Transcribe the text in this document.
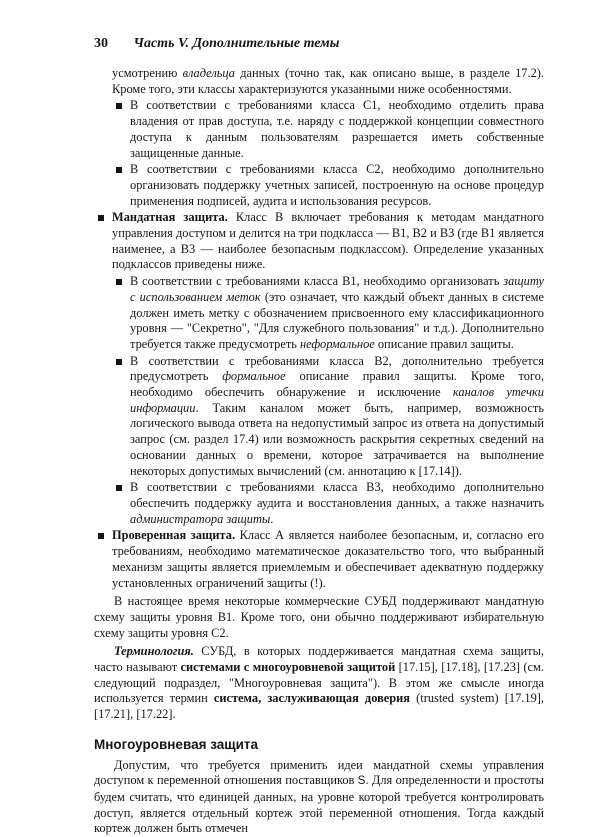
30 Часть V. Дополнительные темы

усмотрению владельца данных (точно так, как описано выше, в разделе 17.2). Кроме того, эти классы характеризуются указанными ниже особенностями.

В соответствии с требованиями класса С1, необходимо отделить права владения от прав доступа, т.е. наряду с поддержкой концепции совместного доступа к данным пользователям разрешается иметь собственные защищенные данные.

В соответствии с требованиями класса С2, необходимо дополнительно организовать поддержку учетных записей, построенную на основе процедур применения подписей, аудита и использования ресурсов.

Мандатная защита. Класс В включает требования к методам мандатного управления доступом и делится на три подкласса — В1, В2 и В3 (где В1 является наименее, а В3 — наиболее безопасным подклассом). Определение указанных подклассов приведены ниже.

В соответствии с требованиями класса В1, необходимо организовать защиту с использованием меток (это означает, что каждый объект данных в системе должен иметь метку с обозначением присвоенного ему классификационного уровня — "Секретно", "Для служебного пользования" и т.д.). Дополнительно требуется также предусмотреть неформальное описание правил защиты.

В соответствии с требованиями класса В2, дополнительно требуется предусмотреть формальное описание правил защиты. Кроме того, необходимо обеспечить обнаружение и исключение каналов утечки информации. Таким каналом может быть, например, возможность логического вывода ответа на недопустимый запрос из ответа на допустимый запрос (см. раздел 17.4) или возможность раскрытия секретных сведений на основании данных о времени, которое затрачивается на выполнение некоторых допустимых вычислений (см. аннотацию к [17.14]).

В соответствии с требованиями класса В3, необходимо дополнительно обеспечить поддержку аудита и восстановления данных, а также назначить администратора защиты.

Проверенная защита. Класс А является наиболее безопасным, и, согласно его требованиям, необходимо математическое доказательство того, что выбранный механизм защиты является приемлемым и обеспечивает адекватную поддержку установленных ограничений защиты (!).

В настоящее время некоторые коммерческие СУБД поддерживают мандатную схему защиты уровня В1. Кроме того, они обычно поддерживают избирательную схему защиты уровня С2.

Терминология. СУБД, в которых поддерживается мандатная схема защиты, часто называют системами с многоуровневой защитой [17.15], [17.18], [17.23] (см. следующий подраздел, "Многоуровневая защита"). В этом же смысле иногда используется термин система, заслуживающая доверия (trusted system) [17.19], [17.21], [17.22].

Многоуровневая защита

Допустим, что требуется применить идеи мандатной схемы управления доступом к переменной отношения поставщиков S. Для определенности и простоты будем считать, что единицей данных, на уровне которой требуется контролировать доступ, является отдельный кортеж этой переменной отношения. Тогда каждый кортеж должен быть отмечен
